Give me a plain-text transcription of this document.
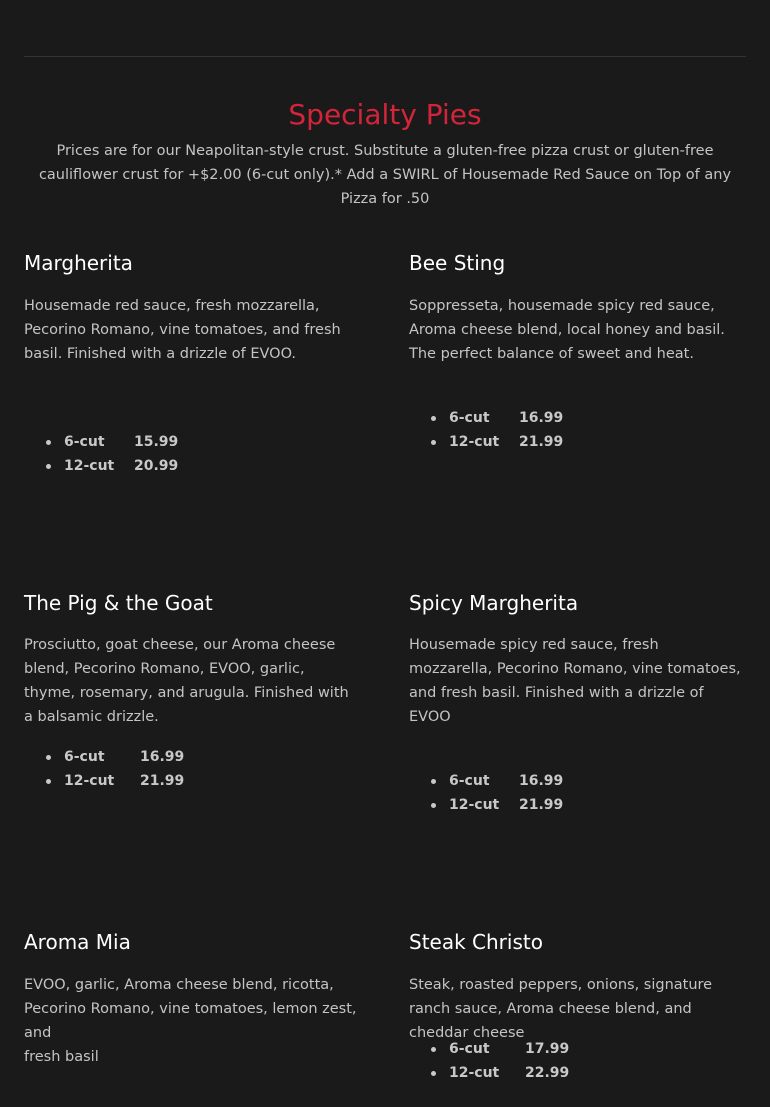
Specialty Pies

Prices are for our Neapolitan-style crust. Substitute a gluten-free pizza crust or gluten-free cauliflower crust for +$2.00 (6-cut only).* Add a SWIRL of Housemade Red Sauce on Top of any Pizza for .50

Margherita

Housemade red sauce, fresh mozzarella, Pecorino Romano, vine tomatoes, and fresh basil. Finished with a drizzle of EVOO.

6-cut 15.99
12-cut 20.99
Bee Sting

Soppresseta, housemade spicy red sauce, Aroma cheese blend, local honey and basil. The perfect balance of sweet and heat.

6-cut 16.99
12-cut 21.99
The Pig & the Goat

Prosciutto, goat cheese, our Aroma cheese blend, Pecorino Romano, EVOO, garlic, thyme, rosemary, and arugula. Finished with a balsamic drizzle.

6-cut	16.99
12-cut 21.99
Spicy Margherita

Housemade spicy red sauce, fresh mozzarella, Pecorino Romano, vine tomatoes, and fresh basil. Finished with a drizzle of EVOO

6-cut 16.99
12-cut 21.99
Aroma Mia

EVOO, garlic, Aroma cheese blend, ricotta, Pecorino Romano, vine tomatoes, lemon zest, and
fresh basil

Steak Christo

Steak, roasted peppers, onions, signature ranch sauce, Aroma cheese blend, and cheddar cheese

6-cut	17.99
12-cut 22.99
